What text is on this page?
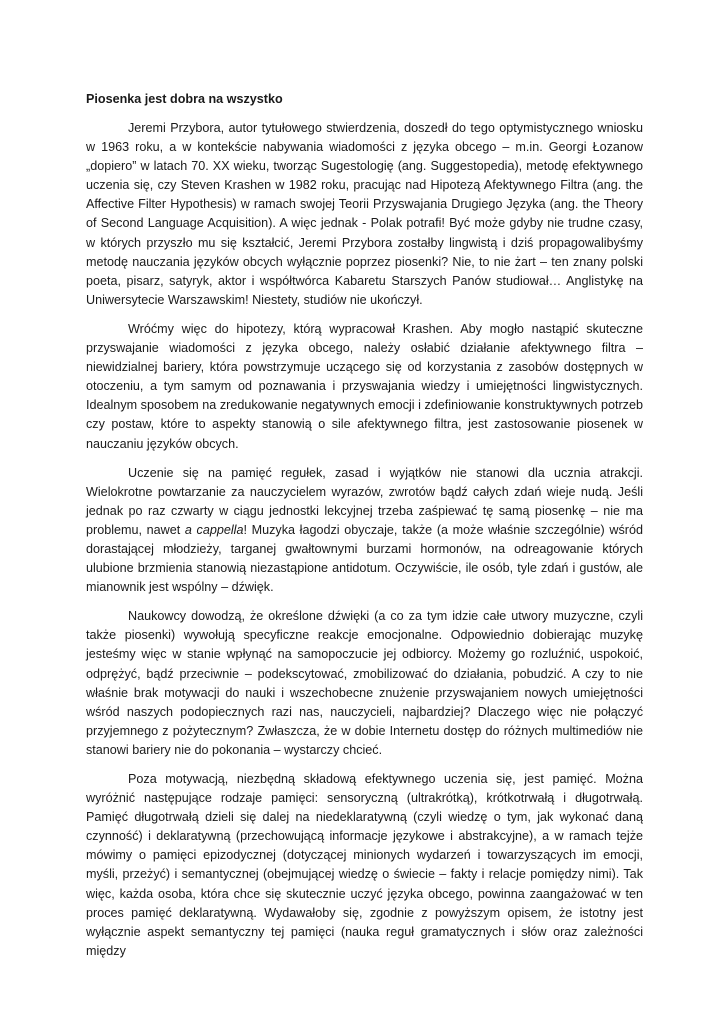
Piosenka jest dobra na wszystko

Jeremi Przybora, autor tytułowego stwierdzenia, doszedł do tego optymistycznego wniosku w 1963 roku, a w kontekście nabywania wiadomości z języka obcego – m.in. Georgi Łozanow „dopiero” w latach 70. XX wieku, tworząc Sugestologię (ang. Suggestopedia), metodę efektywnego uczenia się, czy Steven Krashen w 1982 roku, pracując nad Hipotezą Afektywnego Filtra (ang. the Affective Filter Hypothesis) w ramach swojej Teorii Przyswajania Drugiego Języka (ang. the Theory of Second Language Acquisition). A więc jednak - Polak potrafi! Być może gdyby nie trudne czasy, w których przyszło mu się kształcić, Jeremi Przybora zostałby lingwistą i dziś propagowalibyśmy metodę nauczania języków obcych wyłącznie poprzez piosenki? Nie, to nie żart – ten znany polski poeta, pisarz, satyryk, aktor i współtwórca Kabaretu Starszych Panów studiował… Anglistykę na Uniwersytecie Warszawskim! Niestety, studiów nie ukończył.

Wróćmy więc do hipotezy, którą wypracował Krashen. Aby mogło nastąpić skuteczne przyswajanie wiadomości z języka obcego, należy osłabić działanie afektywnego filtra – niewidzialnej bariery, która powstrzymuje uczącego się od korzystania z zasobów dostępnych w otoczeniu, a tym samym od poznawania i przyswajania wiedzy i umiejętności lingwistycznych. Idealnym sposobem na zredukowanie negatywnych emocji i zdefiniowanie konstruktywnych potrzeb czy postaw, które to aspekty stanowią o sile afektywnego filtra, jest zastosowanie piosenek w nauczaniu języków obcych.

Uczenie się na pamięć regułek, zasad i wyjątków nie stanowi dla ucznia atrakcji. Wielokrotne powtarzanie za nauczycielem wyrazów, zwrotów bądź całych zdań wieje nudą. Jeśli jednak po raz czwarty w ciągu jednostki lekcyjnej trzeba zaśpiewać tę samą piosenkę – nie ma problemu, nawet a cappella! Muzyka łagodzi obyczaje, także (a może właśnie szczególnie) wśród dorastającej młodzieży, targanej gwałtownymi burzami hormonów, na odreagowanie których ulubione brzmienia stanowią niezastąpione antidotum. Oczywiście, ile osób, tyle zdań i gustów, ale mianownik jest wspólny – dźwięk.

Naukowcy dowodzą, że określone dźwięki (a co za tym idzie całe utwory muzyczne, czyli także piosenki) wywołują specyficzne reakcje emocjonalne. Odpowiednio dobierając muzykę jesteśmy więc w stanie wpłynąć na samopoczucie jej odbiorcy. Możemy go rozluźnić, uspokoić, odprężyć, bądź przeciwnie – podekscytować, zmobilizować do działania, pobudzić. A czy to nie właśnie brak motywacji do nauki i wszechobecne znużenie przyswajaniem nowych umiejętności wśród naszych podopiecznych razi nas, nauczycieli, najbardziej? Dlaczego więc nie połączyć przyjemnego z pożytecznym? Zwłaszcza, że w dobie Internetu dostęp do różnych multimediów nie stanowi bariery nie do pokonania – wystarczy chcieć.

Poza motywacją, niezbędną składową efektywnego uczenia się, jest pamięć. Można wyróżnić następujące rodzaje pamięci: sensoryczną (ultrakrótką), krótkotrwałą i długotrwałą. Pamięć długotrwałą dzieli się dalej na niedeklaratywną (czyli wiedzę o tym, jak wykonać daną czynność) i deklaratywną (przechowującą informacje językowe i abstrakcyjne), a w ramach tejże mówimy o pamięci epizodycznej (dotyczącej minionych wydarzeń i towarzyszących im emocji, myśli, przeżyć) i semantycznej (obejmującej wiedzę o świecie – fakty i relacje pomiędzy nimi). Tak więc, każda osoba, która chce się skutecznie uczyć języka obcego, powinna zaangażować w ten proces pamięć deklaratywną. Wydawałoby się, zgodnie z powyższym opisem, że istotny jest wyłącznie aspekt semantyczny tej pamięci (nauka reguł gramatycznych i słów oraz zależności między
